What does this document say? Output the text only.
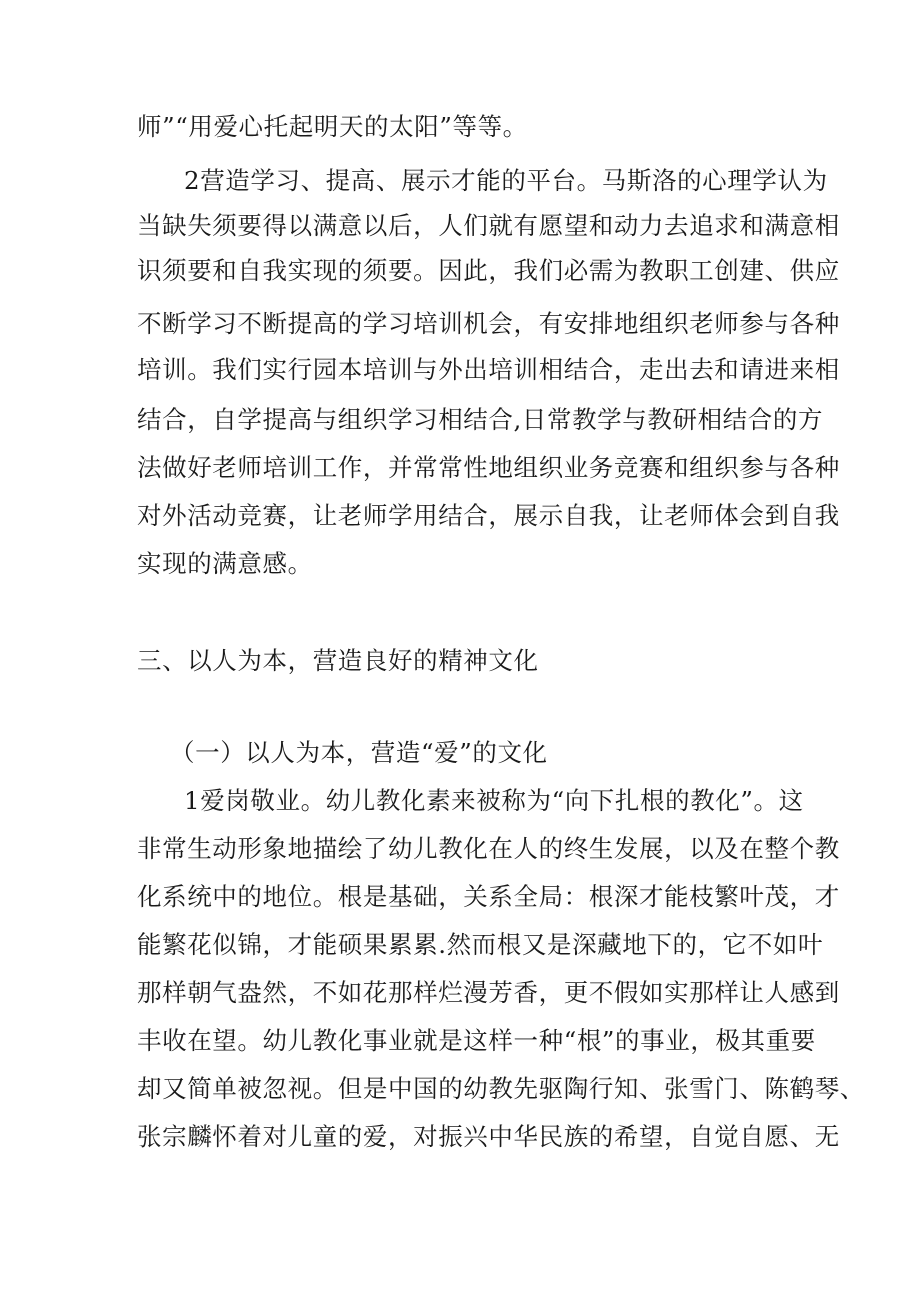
师”“用爱心托起明天的太阳”等等。
2营造学习、提高、展示才能的平台。马斯洛的心理学认为
当缺失须要得以满意以后，人们就有愿望和动力去追求和满意相
识须要和自我实现的须要。因此，我们必需为教职工创建、供应
不断学习不断提高的学习培训机会，有安排地组织老师参与各种
培训。我们实行园本培训与外出培训相结合，走出去和请进来相
结合，自学提高与组织学习相结合,日常教学与教研相结合的方
法做好老师培训工作，并常常性地组织业务竞赛和组织参与各种
对外活动竞赛，让老师学用结合，展示自我，让老师体会到自我
实现的满意感。
三、以人为本，营造良好的精神文化
（一）以人为本，营造“爱”的文化
1爱岗敬业。幼儿教化素来被称为“向下扎根的教化”。这
非常生动形象地描绘了幼儿教化在人的终生发展，以及在整个教
化系统中的地位。根是基础，关系全局：根深才能枝繁叶茂，才
能繁花似锦，才能硕果累累.然而根又是深藏地下的，它不如叶
那样朝气盎然，不如花那样烂漫芳香，更不假如实那样让人感到
丰收在望。幼儿教化事业就是这样一种“根”的事业，极其重要
却又简单被忽视。但是中国的幼教先驱陶行知、张雪门、陈鹤琴、
张宗麟怀着对儿童的爱，对振兴中华民族的希望，自觉自愿、无
